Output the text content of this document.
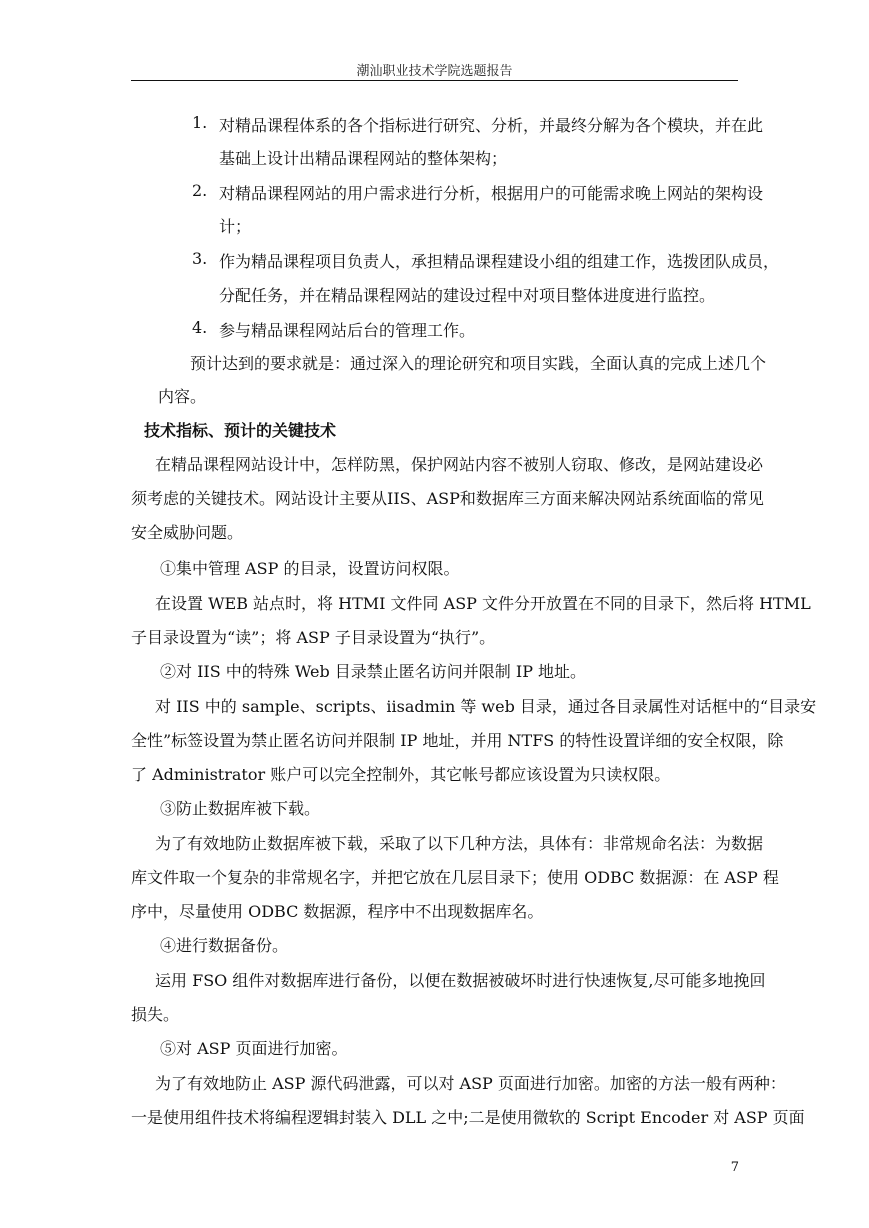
潮汕职业技术学院选题报告
1. 对精品课程体系的各个指标进行研究、分析，并最终分解为各个模块，并在此
基础上设计出精品课程网站的整体架构；
2. 对精品课程网站的用户需求进行分析，根据用户的可能需求晚上网站的架构设
计；
3. 作为精品课程项目负责人，承担精品课程建设小组的组建工作，选拨团队成员，
分配任务，并在精品课程网站的建设过程中对项目整体进度进行监控。
4. 参与精品课程网站后台的管理工作。
预计达到的要求就是：通过深入的理论研究和项目实践，全面认真的完成上述几个
内容。
技术指标、预计的关键技术
在精品课程网站设计中，怎样防黑，保护网站内容不被别人窃取、修改，是网站建设必
须考虑的关键技术。网站设计主要从IIS、ASP和数据库三方面来解决网站系统面临的常见
安全威胁问题。
①集中管理 ASP 的目录，设置访问权限。
在设置 WEB 站点时，将 HTMI 文件同 ASP 文件分开放置在不同的目录下，然后将 HTML
子目录设置为“读”；将 ASP 子目录设置为“执行”。
②对 IIS 中的特殊 Web 目录禁止匿名访问并限制 IP 地址。
对 IIS 中的 sample、scripts、iisadmin 等 web 目录，通过各目录属性对话框中的“目录安
全性”标签设置为禁止匿名访问并限制 IP 地址，并用 NTFS 的特性设置详细的安全权限，除
了 Administrator 账户可以完全控制外，其它帐号都应该设置为只读权限。
③防止数据库被下载。
为了有效地防止数据库被下载，采取了以下几种方法，具体有：非常规命名法：为数据
库文件取一个复杂的非常规名字，并把它放在几层目录下；使用 ODBC 数据源：在 ASP 程
序中，尽量使用 ODBC 数据源，程序中不出现数据库名。
④进行数据备份。
运用 FSO 组件对数据库进行备份，以便在数据被破坏时进行快速恢复,尽可能多地挽回
损失。
⑤对 ASP 页面进行加密。
为了有效地防止 ASP 源代码泄露，可以对 ASP 页面进行加密。加密的方法一般有两种：
一是使用组件技术将编程逻辑封装入 DLL 之中;二是使用微软的 Script Encoder 对 ASP 页面
7
